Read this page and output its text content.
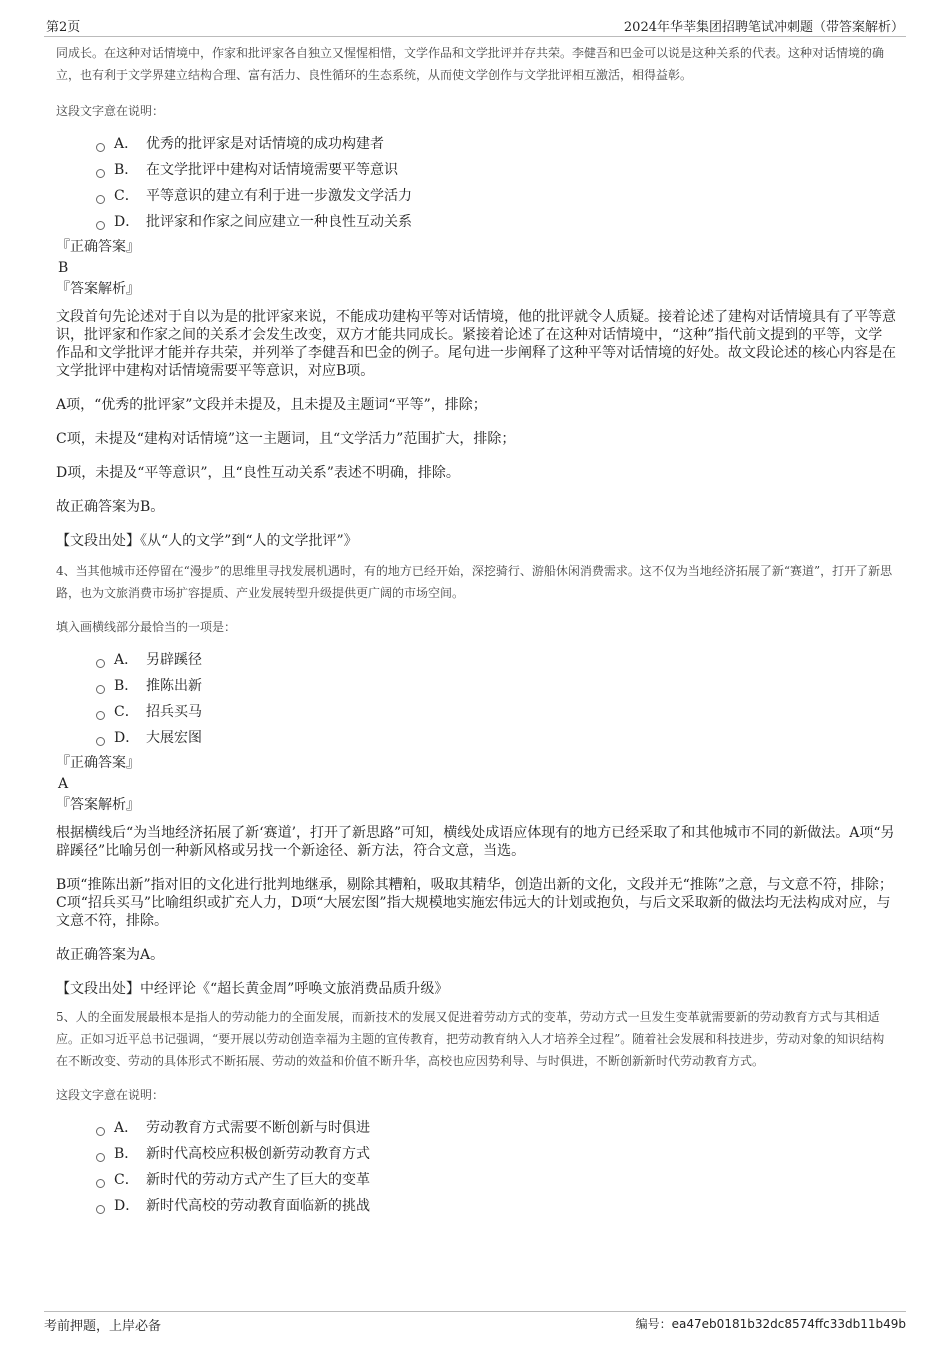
第2页	2024年华莘集团招聘笔试冲刺题（带答案解析）

同成长。在这种对话情境中，作家和批评家各自独立又惺惺相惜，文学作品和文学批评并存共荣。李健吾和巴金可以说是这种关系的代表。这种对话情境的确立，也有利于文学界建立结构合理、富有活力、良性循环的生态系统，从而使文学创作与文学批评相互激活，相得益彰。

这段文字意在说明：

A． 优秀的批评家是对话情境的成功构建者
B． 在文学批评中建构对话情境需要平等意识
C． 平等意识的建立有利于进一步激发文学活力
D． 批评家和作家之间应建立一种良性互动关系

『正确答案』

B

『答案解析』

文段首句先论述对于自以为是的批评家来说，不能成功建构平等对话情境，他的批评就令人质疑。接着论述了建构对话情境具有了平等意识，批评家和作家之间的关系才会发生改变，双方才能共同成长。紧接着论述了在这种对话情境中，“这种”指代前文提到的平等，文学作品和文学批评才能并存共荣，并列举了李健吾和巴金的例子。尾句进一步阐释了这种平等对话情境的好处。故文段论述的核心内容是在文学批评中建构对话情境需要平等意识，对应B项。

A项，“优秀的批评家”文段并未提及，且未提及主题词“平等”，排除；

C项，未提及“建构对话情境”这一主题词，且“文学活力”范围扩大，排除；

D项，未提及“平等意识”，且“良性互动关系”表述不明确，排除。

故正确答案为B。

【文段出处】《从“人的文学”到“人的文学批评”》

4、当其他城市还停留在“漫步”的思维里寻找发展机遇时，有的地方已经开始，深挖骑行、游船休闲消费需求。这不仅为当地经济拓展了新“赛道”，打开了新思路，也为文旅消费市场扩容提质、产业发展转型升级提供更广阔的市场空间。

填入画横线部分最恰当的一项是：

A． 另辟蹊径
B． 推陈出新
C． 招兵买马
D． 大展宏图

『正确答案』

A

『答案解析』

根据横线后“为当地经济拓展了新‘赛道’，打开了新思路”可知，横线处成语应体现有的地方已经采取了和其他城市不同的新做法。A项“另辟蹊径”比喻另创一种新风格或另找一个新途径、新方法，符合文意，当选。

B项“推陈出新”指对旧的文化进行批判地继承，剔除其糟粕，吸取其精华，创造出新的文化，文段并无“推陈”之意，与文意不符，排除；C项“招兵买马”比喻组织或扩充人力，D项“大展宏图”指大规模地实施宏伟远大的计划或抱负，与后文采取新的做法均无法构成对应，与文意不符，排除。

故正确答案为A。

【文段出处】中经评论《“超长黄金周”呼唤文旅消费品质升级》

5、人的全面发展最根本是指人的劳动能力的全面发展，而新技术的发展又促进着劳动方式的变革，劳动方式一旦发生变革就需要新的劳动教育方式与其相适应。正如习近平总书记强调，“要开展以劳动创造幸福为主题的宣传教育，把劳动教育纳入人才培养全过程”。随着社会发展和科技进步，劳动对象的知识结构在不断改变、劳动的具体形式不断拓展、劳动的效益和价值不断升华，高校也应因势利导、与时俱进，不断创新新时代劳动教育方式。

这段文字意在说明：

A． 劳动教育方式需要不断创新与时俱进
B． 新时代高校应积极创新劳动教育方式
C． 新时代的劳动方式产生了巨大的变革
D． 新时代高校的劳动教育面临新的挑战
考前押题，上岸必备	编号：ea47eb0181b32dc8574ffc33db11b49b
